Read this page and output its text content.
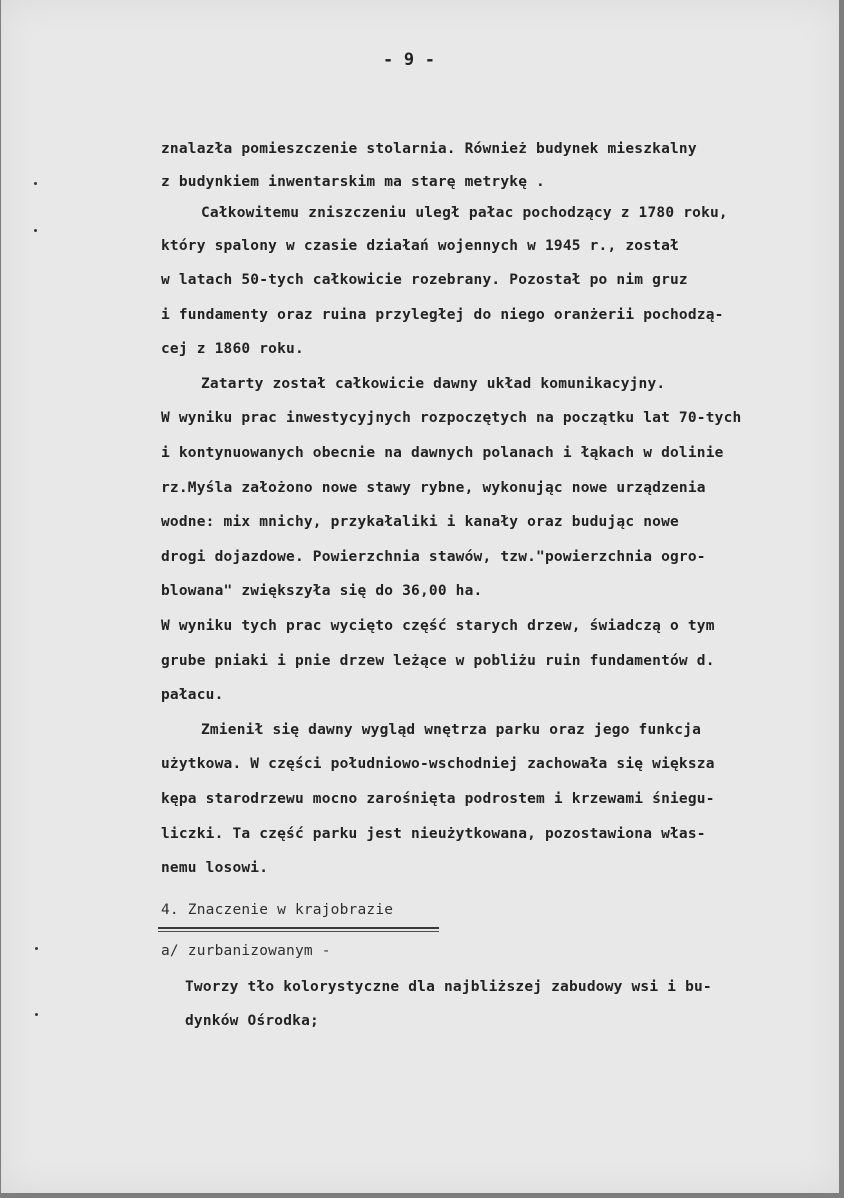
- 9 -
znalazła pomieszczenie stolarnia. Również budynek mieszkalny
z budynkiem inwentarskim ma starę metrykę .
Całkowitemu zniszczeniu uległ pałac pochodzący z 1780 roku,
który spalony w czasie działań wojennych w 1945 r., został
w latach 50-tych całkowicie rozebrany. Pozostał po nim gruz
i fundamenty oraz ruina przyległej do niego oranżerii pochodzą-
cej z 1860 roku.
Zatarty został całkowicie dawny układ komunikacyjny.
W wyniku prac inwestycyjnych rozpoczętych na początku lat 70-tych
i kontynuowanych obecnie na dawnych polanach i łąkach w dolinie
rz.Myśla założono nowe stawy rybne, wykonując nowe urządzenia
wodne: mix mnichy, przykałaliki i kanały oraz budując nowe
drogi dojazdowe. Powierzchnia stawów, tzw."powierzchnia ogro-
blowana" zwiększyła się do 36,00 ha.
W wyniku tych prac wycięto część starych drzew, świadczą o tym
grube pniaki i pnie drzew leżące w pobliżu ruin fundamentów d.
pałacu.
Zmienił się dawny wygląd wnętrza parku oraz jego funkcja
użytkowa. W części południowo-wschodniej zachowała się większa
kępa starodrzewu mocno zarośnięta podrostem i krzewami śniegu-
liczki. Ta część parku jest nieużytkowana, pozostawiona włas-
nemu losowi.
4. Znaczenie w krajobrazie
a/ zurbanizowanym -
Tworzy tło kolorystyczne dla najbliższej zabudowy wsi i bu-
dynków Ośrodka;
